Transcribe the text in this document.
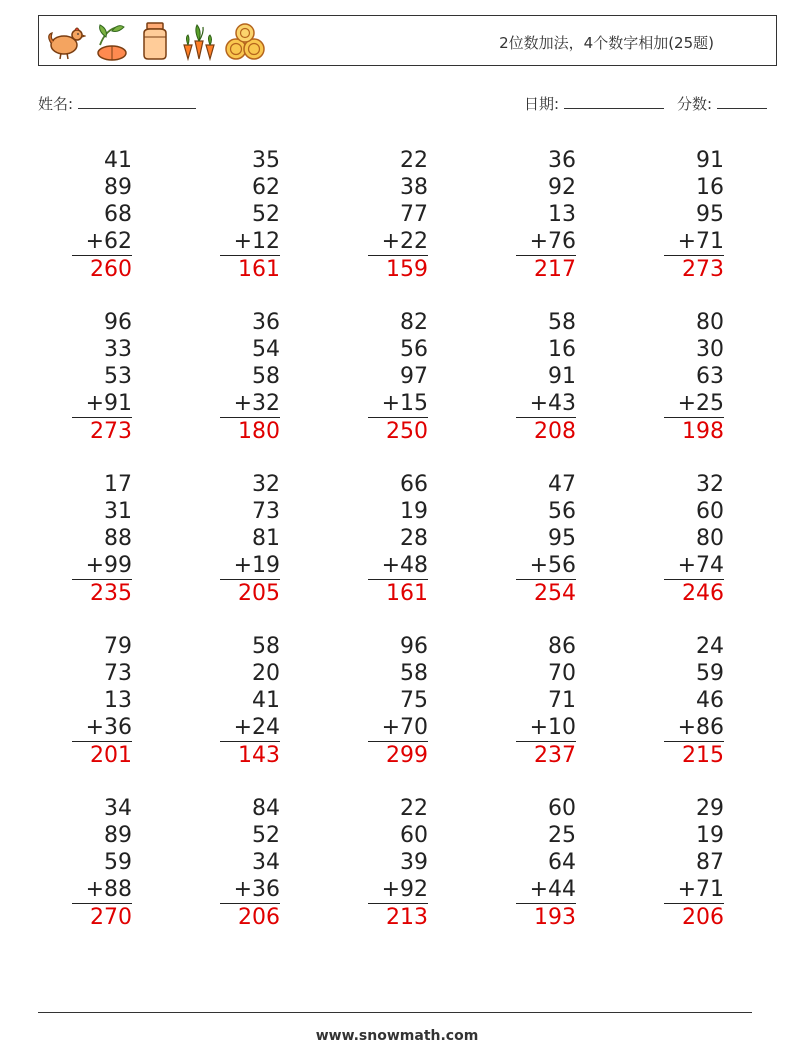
2位数加法，4个数字相加(25题)
姓名:	日期:	分数:
41
89
68
+62
260
35
62
52
+12
161
22
38
77
+22
159
36
92
13
+76
217
91
16
95
+71
273
96
33
53
+91
273
36
54
58
+32
180
82
56
97
+15
250
58
16
91
+43
208
80
30
63
+25
198
17
31
88
+99
235
32
73
81
+19
205
66
19
28
+48
161
47
56
95
+56
254
32
60
80
+74
246
79
73
13
+36
201
58
20
41
+24
143
96
58
75
+70
299
86
70
71
+10
237
24
59
46
+86
215
34
89
59
+88
270
84
52
34
+36
206
22
60
39
+92
213
60
25
64
+44
193
29
19
87
+71
206
www.snowmath.com
